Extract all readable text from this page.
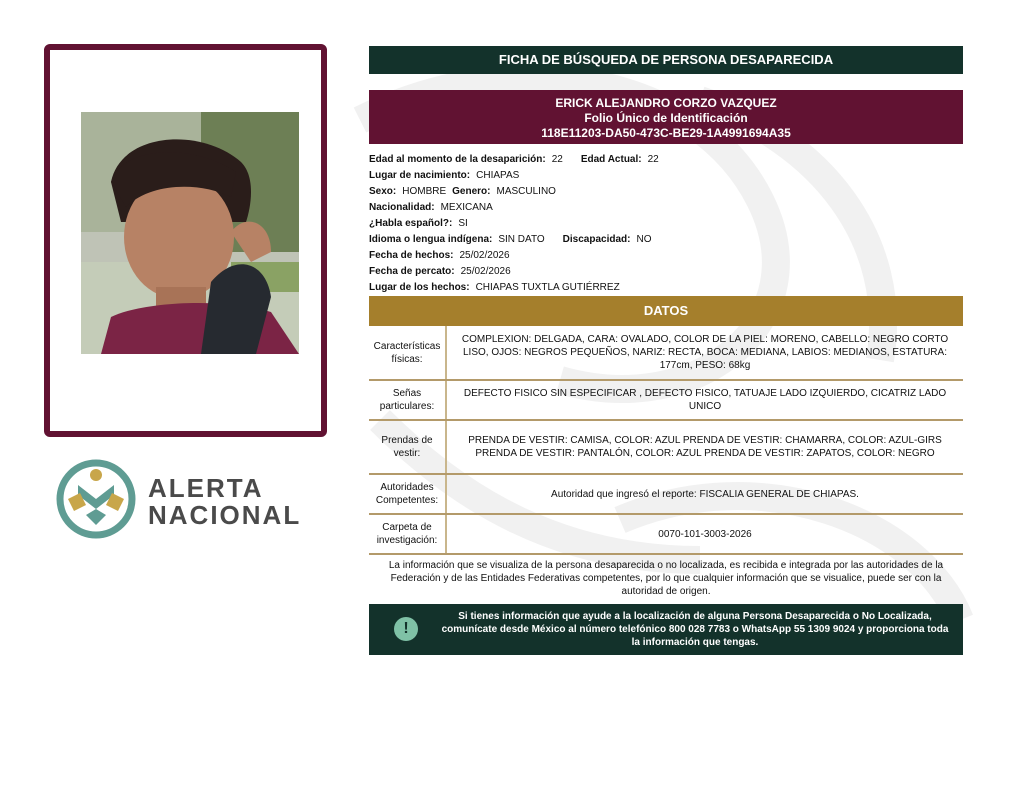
ALERTA
NACIONAL
FICHA DE BÚSQUEDA DE PERSONA DESAPARECIDA
ERICK ALEJANDRO CORZO VAZQUEZ
Folio Único de Identificación
118E11203-DA50-473C-BE29-1A4991694A35
Edad al momento de la desaparición: 22 Edad Actual: 22
Lugar de nacimiento: CHIAPAS
Sexo: HOMBRE Genero: MASCULINO
Nacionalidad: MEXICANA
¿Habla español?: SI
Idioma o lengua indígena: SIN DATO Discapacidad: NO
Fecha de hechos: 25/02/2026
Fecha de percato: 25/02/2026
Lugar de los hechos: CHIAPAS TUXTLA GUTIÉRREZ
DATOS
Características físicas:
COMPLEXION: DELGADA, CARA: OVALADO, COLOR DE LA PIEL: MORENO, CABELLO: NEGRO CORTO LISO, OJOS: NEGROS PEQUEÑOS, NARIZ: RECTA, BOCA: MEDIANA, LABIOS: MEDIANOS, ESTATURA: 177cm, PESO: 68kg
Señas particulares:
DEFECTO FISICO SIN ESPECIFICAR , DEFECTO FISICO, TATUAJE LADO IZQUIERDO, CICATRIZ LADO UNICO
Prendas de vestir:
PRENDA DE VESTIR: CAMISA, COLOR: AZUL PRENDA DE VESTIR: CHAMARRA, COLOR: AZUL-GIRS PRENDA DE VESTIR: PANTALÓN, COLOR: AZUL PRENDA DE VESTIR: ZAPATOS, COLOR: NEGRO
Autoridades Competentes:
Autoridad que ingresó el reporte: FISCALIA GENERAL DE CHIAPAS.
Carpeta de investigación:
0070-101-3003-2026
La información que se visualiza de la persona desaparecida o no localizada, es recibida e integrada por las autoridades de la Federación y de las Entidades Federativas competentes, por lo que cualquier información que se visualice, puede ser con la autoridad de origen.
!
Si tienes información que ayude a la localización de alguna Persona Desaparecida o No Localizada, comunícate desde México al número telefónico 800 028 7783 o WhatsApp 55 1309 9024 y proporciona toda la información que tengas.
